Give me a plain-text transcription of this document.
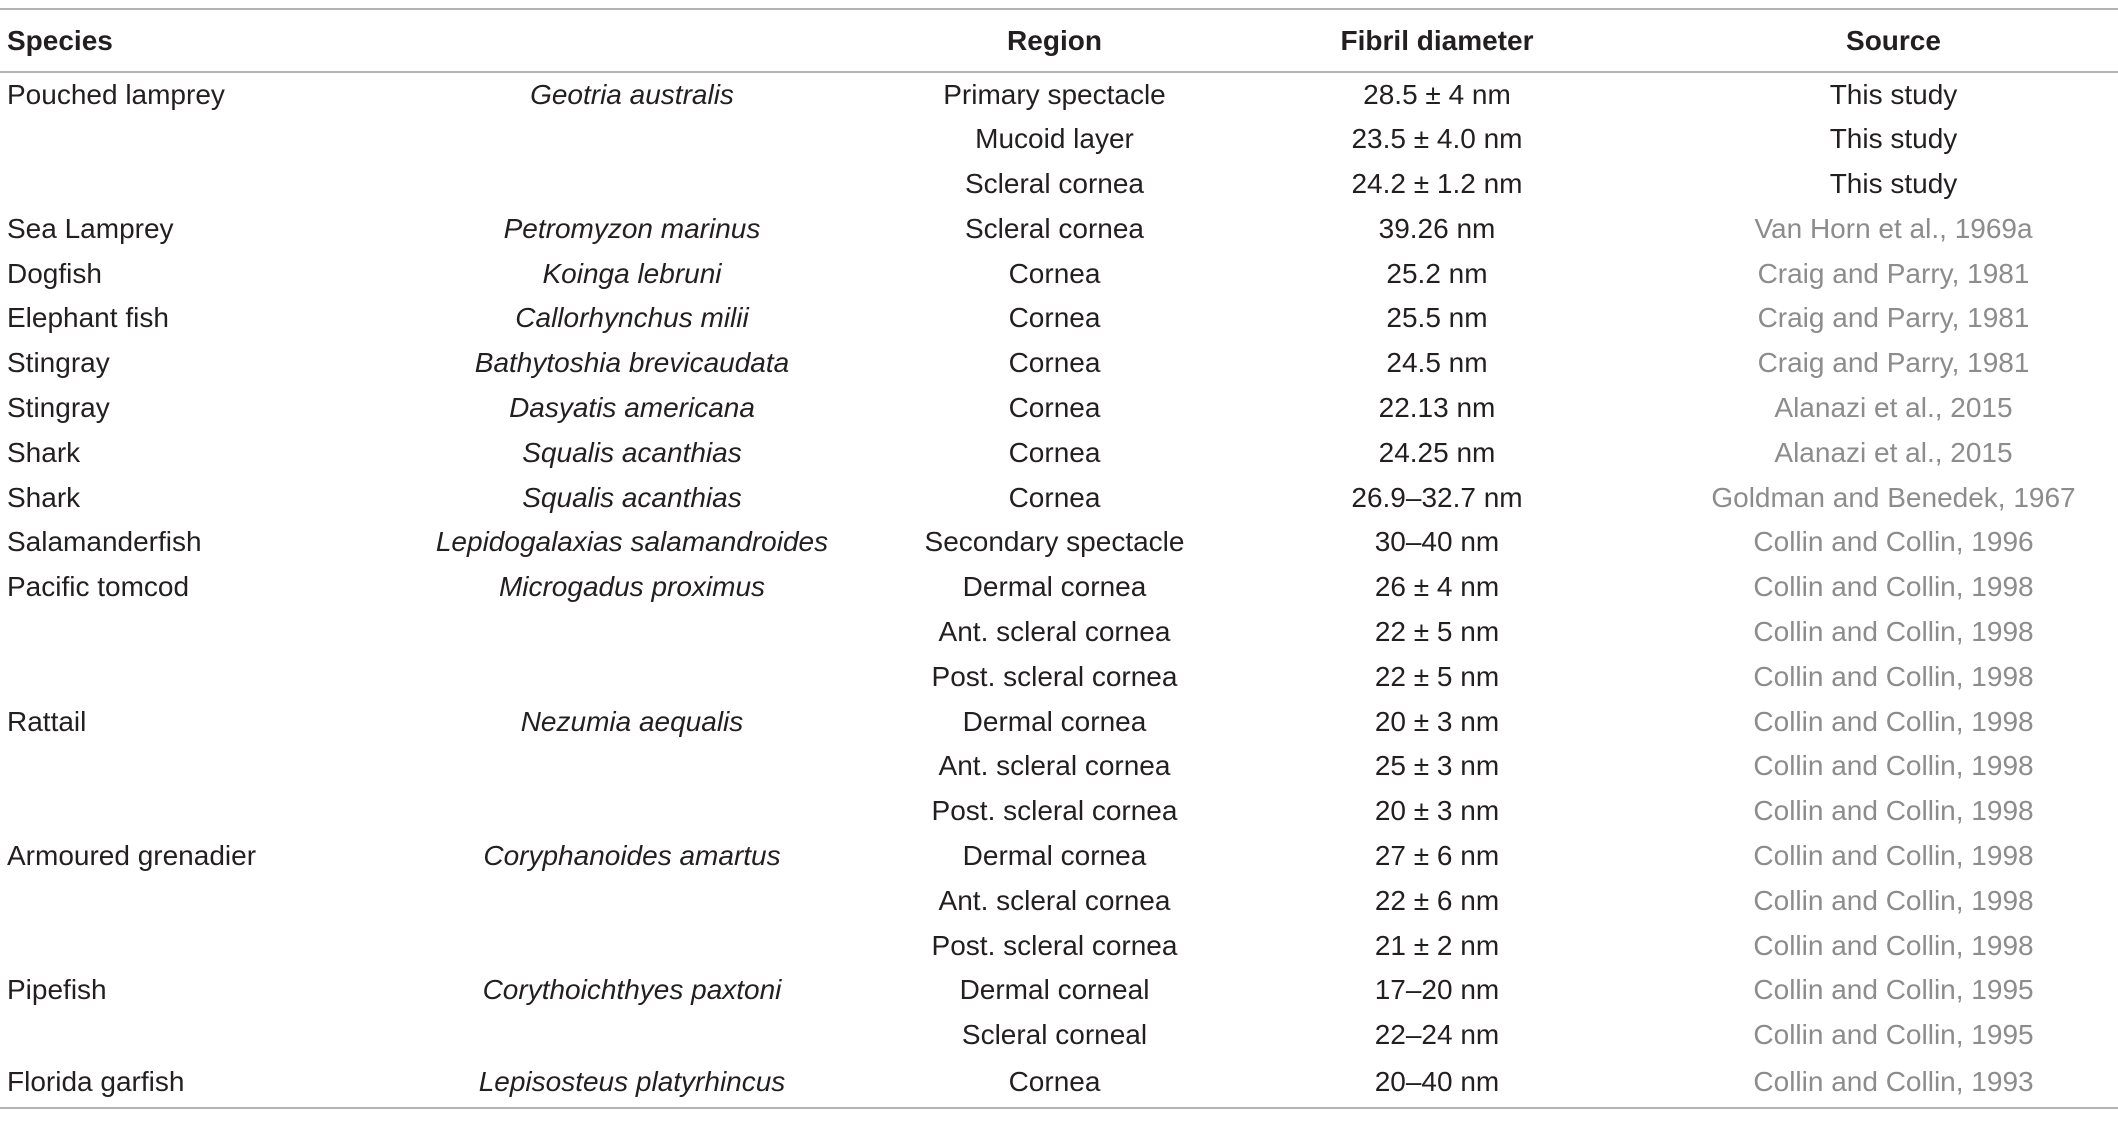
Species		Region	Fibril diameter	Source
Pouched lamprey	Geotria australis	Primary spectacle	28.5 ± 4 nm	This study
		Mucoid layer	23.5 ± 4.0 nm	This study
		Scleral cornea	24.2 ± 1.2 nm	This study
Sea Lamprey	Petromyzon marinus	Scleral cornea	39.26 nm	Van Horn et al., 1969a
Dogfish	Koinga lebruni	Cornea	25.2 nm	Craig and Parry, 1981
Elephant fish	Callorhynchus milii	Cornea	25.5 nm	Craig and Parry, 1981
Stingray	Bathytoshia brevicaudata	Cornea	24.5 nm	Craig and Parry, 1981
Stingray	Dasyatis americana	Cornea	22.13 nm	Alanazi et al., 2015
Shark	Squalis acanthias	Cornea	24.25 nm	Alanazi et al., 2015
Shark	Squalis acanthias	Cornea	26.9–32.7 nm	Goldman and Benedek, 1967
Salamanderfish	Lepidogalaxias salamandroides	Secondary spectacle	30–40 nm	Collin and Collin, 1996
Pacific tomcod	Microgadus proximus	Dermal cornea	26 ± 4 nm	Collin and Collin, 1998
		Ant. scleral cornea	22 ± 5 nm	Collin and Collin, 1998
		Post. scleral cornea	22 ± 5 nm	Collin and Collin, 1998
Rattail	Nezumia aequalis	Dermal cornea	20 ± 3 nm	Collin and Collin, 1998
		Ant. scleral cornea	25 ± 3 nm	Collin and Collin, 1998
		Post. scleral cornea	20 ± 3 nm	Collin and Collin, 1998
Armoured grenadier	Coryphanoides amartus	Dermal cornea	27 ± 6 nm	Collin and Collin, 1998
		Ant. scleral cornea	22 ± 6 nm	Collin and Collin, 1998
		Post. scleral cornea	21 ± 2 nm	Collin and Collin, 1998
Pipefish	Corythoichthyes paxtoni	Dermal corneal	17–20 nm	Collin and Collin, 1995
		Scleral corneal	22–24 nm	Collin and Collin, 1995
Florida garfish	Lepisosteus platyrhincus	Cornea	20–40 nm	Collin and Collin, 1993
